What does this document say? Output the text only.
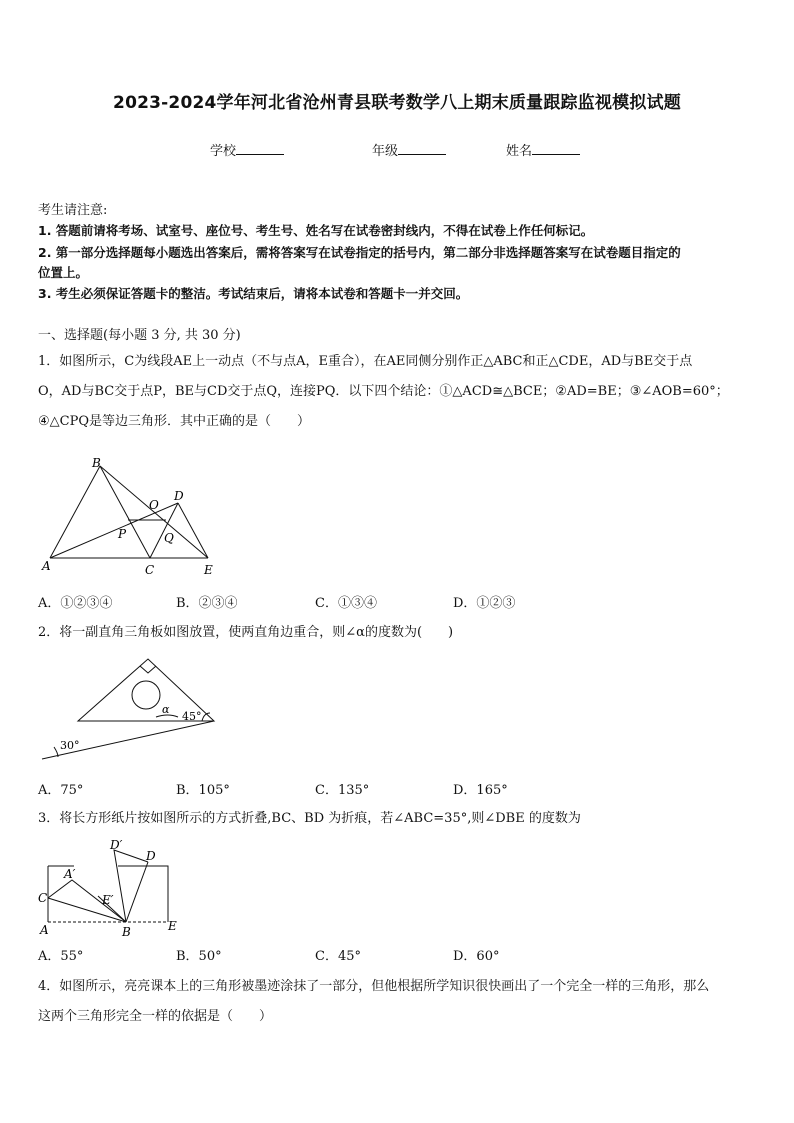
2023-2024学年河北省沧州青县联考数学八上期末质量跟踪监视模拟试题
学校	年级	姓名
考生请注意:
1. 答题前请将考场、试室号、座位号、考生号、姓名写在试卷密封线内，不得在试卷上作任何标记。
2. 第一部分选择题每小题选出答案后，需将答案写在试卷指定的括号内，第二部分非选择题答案写在试卷题目指定的
位置上。
3. 考生必须保证答题卡的整洁。考试结束后，请将本试卷和答题卡一并交回。
一、选择题(每小题 3 分, 共 30 分)
1．如图所示，C为线段AE上一动点（不与点A，E重合），在AE同侧分别作正△ABC和正△CDE，AD与BE交于点
O，AD与BC交于点P，BE与CD交于点Q，连接PQ．以下四个结论：①△ACD≅△BCE；②AD=BE；③∠AOB=60°；
④△CPQ是等边三角形．其中正确的是（　　）
B
D
O
P	Q
A	C	E
A．①②③④	B．②③④	C．①③④	D．①②③
2．将一副直角三角板如图放置，使两直角边重合，则∠α的度数为(　　)
α
45°
30°
A．75°	B．105°	C．135°	D．165°
3．将长方形纸片按如图所示的方式折叠,BC、BD 为折痕，若∠ABC=35°,则∠DBE 的度数为
D′
D
A′
C	E′
A	B	E
A．55°	B．50°	C．45°	D．60°
4．如图所示，亮亮课本上的三角形被墨迹涂抹了一部分，但他根据所学知识很快画出了一个完全一样的三角形，那么
这两个三角形完全一样的依据是（　　）
